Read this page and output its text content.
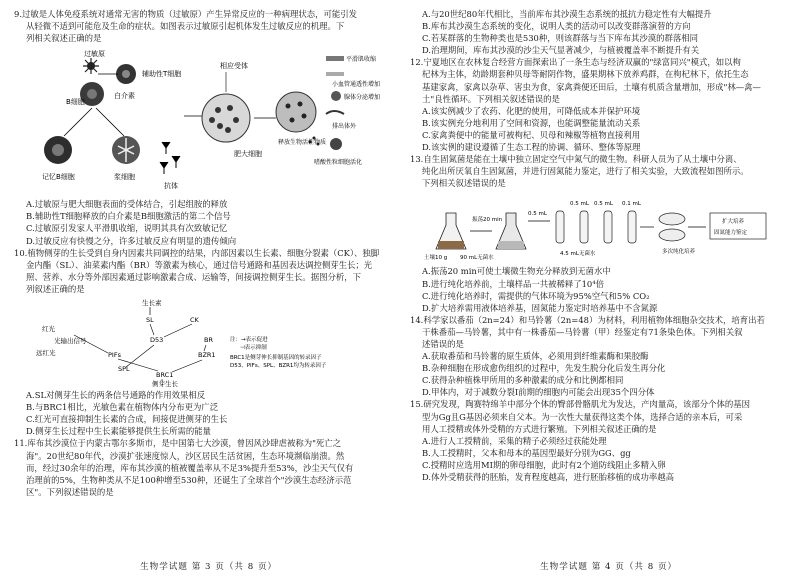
9.过敏是人体免疫系统对通常无害的物质（过敏原）产生异常反应的一种病理状态，可能引发

从轻微不适到可能危及生命的症状。如图表示过敏原引起机体发生过敏反应的机理。下

列相关叙述正确的是

过敏原
辅助性T细胞
B细胞
白介素
记忆B细胞	浆细胞
抗体
相应受体
肥大细胞
释放生物活性物质
平滑肌收缩
小血管通透性增加
腺体分泌增加
排出体外
嗜酸性粒细胞活化

A.过敏原与肥大细胞表面的受体结合，引起组胺的释放

B.辅助性T细胞释放的白介素是B细胞激活的第二个信号

C.过敏原引发家人平滑肌收缩，说明其具有次致敏记忆

D.过敏反应有快慢之分，许多过敏反应有明显的遗传倾向

10.植物侧芽的生长受到自身内因素共同调控的结果，内部因素以生长素、细胞分裂素（CK）、独脚

金内酯（SL）、油菜素内酯（BR）等激素为核心，通过信号通路和基因表达调控侧芽生长；光

照、营养、水分等外部因素通过影响激素合成、运输等，间接调控侧芽生长。据图分析，下

列叙述正确的是

生长素
SL	CK
红光
光输出信号
远红光
D53	BR
PIFs	BZR1
SPL
BRC1
侧芽生长
注：→表示促进
⊣表示抑制
BRC1是侧芽伸长抑制基因的转录因子
D53、PIFs、SPL、BZR1均为转录因子

A.SL对侧芽生长的两条信号通路的作用效果相反

B.与BRC1相比，光敏色素在植物体内分布更为广泛

C.红光可直接抑制生长素的合成，间接促进侧芽的生长

D.侧芽生长过程中生长素能够提供生长所需的能量

11.库布其沙漠位于内蒙古鄂尔多斯市，是中国第七大沙漠，曾因风沙肆虐被称为"死亡之

海"。20世纪80年代，沙漠扩张速度惊人，沙区居民生活贫困，生态环境濒临崩溃。然

而，经过30余年的治理，库布其沙漠的植被覆盖率从不足3%提升至53%，沙尘天气仅有

治理前的5%，生物种类从不足100种增至530种，还诞生了全球首个"沙漠生态经济示范

区"。下列叙述错误的是

生物学试题 第 3 页（共 8 页）

A.与20世纪80年代相比，当前库布其沙漠生态系统的抵抗力稳定性有大幅提升

B.库布其沙漠生态系统的变化，说明人类的活动可以改变群落演替的方向

C.若某群落的生物种类也是530种，则该群落与当下库布其沙漠的群落相同

D.治理期间，库布其沙漠的沙尘天气显著减少，与植被覆盖率不断提升有关

12.宁夏地区在农林复合经营方面探索出了一条生态与经济双赢的"绿富同兴"模式，如以枸

杞林为主体，幼龄期套种贝母等耐阴作物，盛果期林下放养鸡群，在枸杞林下，依托生态

基建家禽，家禽以杂草、害虫为食，家禽粪便还田后，土壤有机质含量增加，形成"林—禽—

土"良性循环。下列相关叙述错误的是

A.该实例减少了农药、化肥的使用，可降低成本并保护环境

B.该实例充分地利用了空间和资源，也能调整能量流动关系

C.家禽粪便中的能量可被枸杞、贝母和辣椒等植物直接利用

D.该实例的建设遵循了生态工程的协调、循环、整体等原理

13.自生固氮菌是能在土壤中独立固定空气中氮气的微生物。科研人员为了从土壤中分离、

纯化出所厌氧自生固氮菌，并进行固氮能力鉴定，进行了相关实验，大致流程如图所示。

下列相关叙述错误的是

土壤10 g 90 mL无菌水
振荡20 min
0.5 mL
0.5 mL 0.5 mL 0.1 mL
4.5 mL无菌水	多次纯化培养
扩大培养
固氮能力鉴定

A.振荡20 min可使土壤微生物充分释放到无菌水中

B.进行纯化培养前，土壤样品一共被稀释了10⁴倍

C.进行纯化培养时，需提供的气体环境为95%空气和5% CO₂

D.扩大培养需用液体培养基，固氮能力鉴定时培养基中不含氮源

14.科学家以番茄（2n=24）和马铃薯（2n=48）为材料，利用植物体细胞杂交技术，培育出若

干株番茄—马铃薯，其中有一株番茄—马铃薯（甲）经鉴定有71条染色体。下列相关叙

述错误的是

A.获取番茄和马铃薯的原生质体，必须用到纤维素酶和果胶酶

B.杂种细胞在形成愈伤组织的过程中，先发生脱分化后发生再分化

C.获得杂种植株甲所用的多种激素的成分和比例都相同

D.甲体内，对于减数分裂I前期的细胞内可能会出现35个四分体

15.研究发现，陶赛特绵羊中部分个体的臀部骨骼肌尤为发达，产肉量高，该部分个体的基因

型为Gg且G基因必须来自父本。为一次性大量获得这类个体，选择合适的亲本后，可采

用人工授精或体外受精的方式进行繁殖。下列相关叙述正确的是

A.进行人工授精前，采集的精子必须经过获能处理

B.人工授精时，父本和母本的基因型最好分别为GG、gg

C.授精时应选用MⅠ期的卵母细胞，此时有2个道防线阻止多精入卵

D.体外受精获得的胚胎，发育程度越高，进行胚胎移植的成功率越高

生物学试题 第 4 页（共 8 页）
